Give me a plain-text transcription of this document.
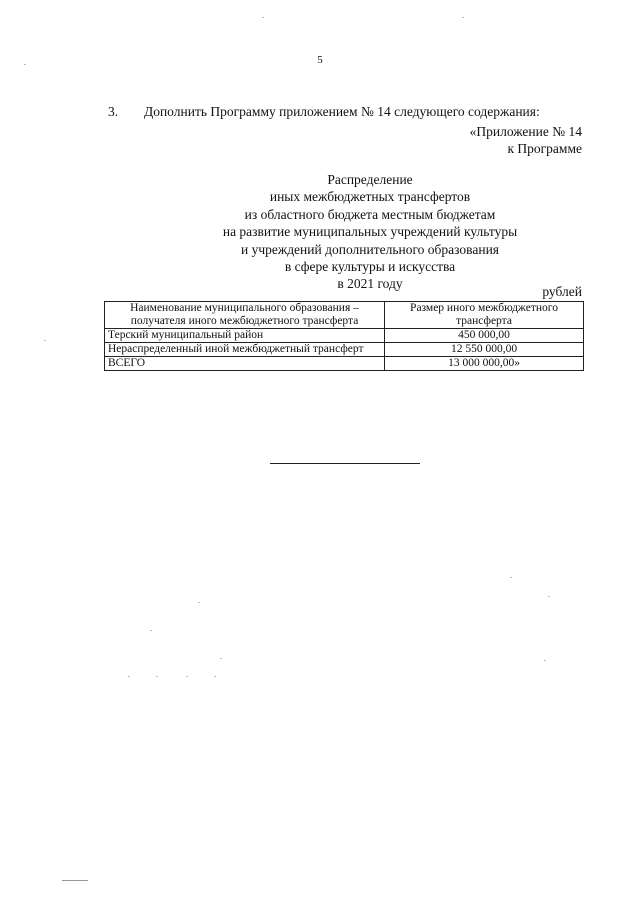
5
3. Дополнить Программу приложением № 14 следующего содержания:
«Приложение № 14
к Программе
Распределение
иных межбюджетных трансфертов
из областного бюджета местным бюджетам
на развитие муниципальных учреждений культуры
и учреждений дополнительного образования
в сфере культуры и искусства
в 2021 году
рублей
Наименование муниципального образования – получателя иного межбюджетного трансферта	Размер иного межбюджетного трансферта
Терский муниципальный район	450 000,00
Нераспределенный иной межбюджетный трансферт	12 550 000,00
ВСЕГО	13 000 000,00»
